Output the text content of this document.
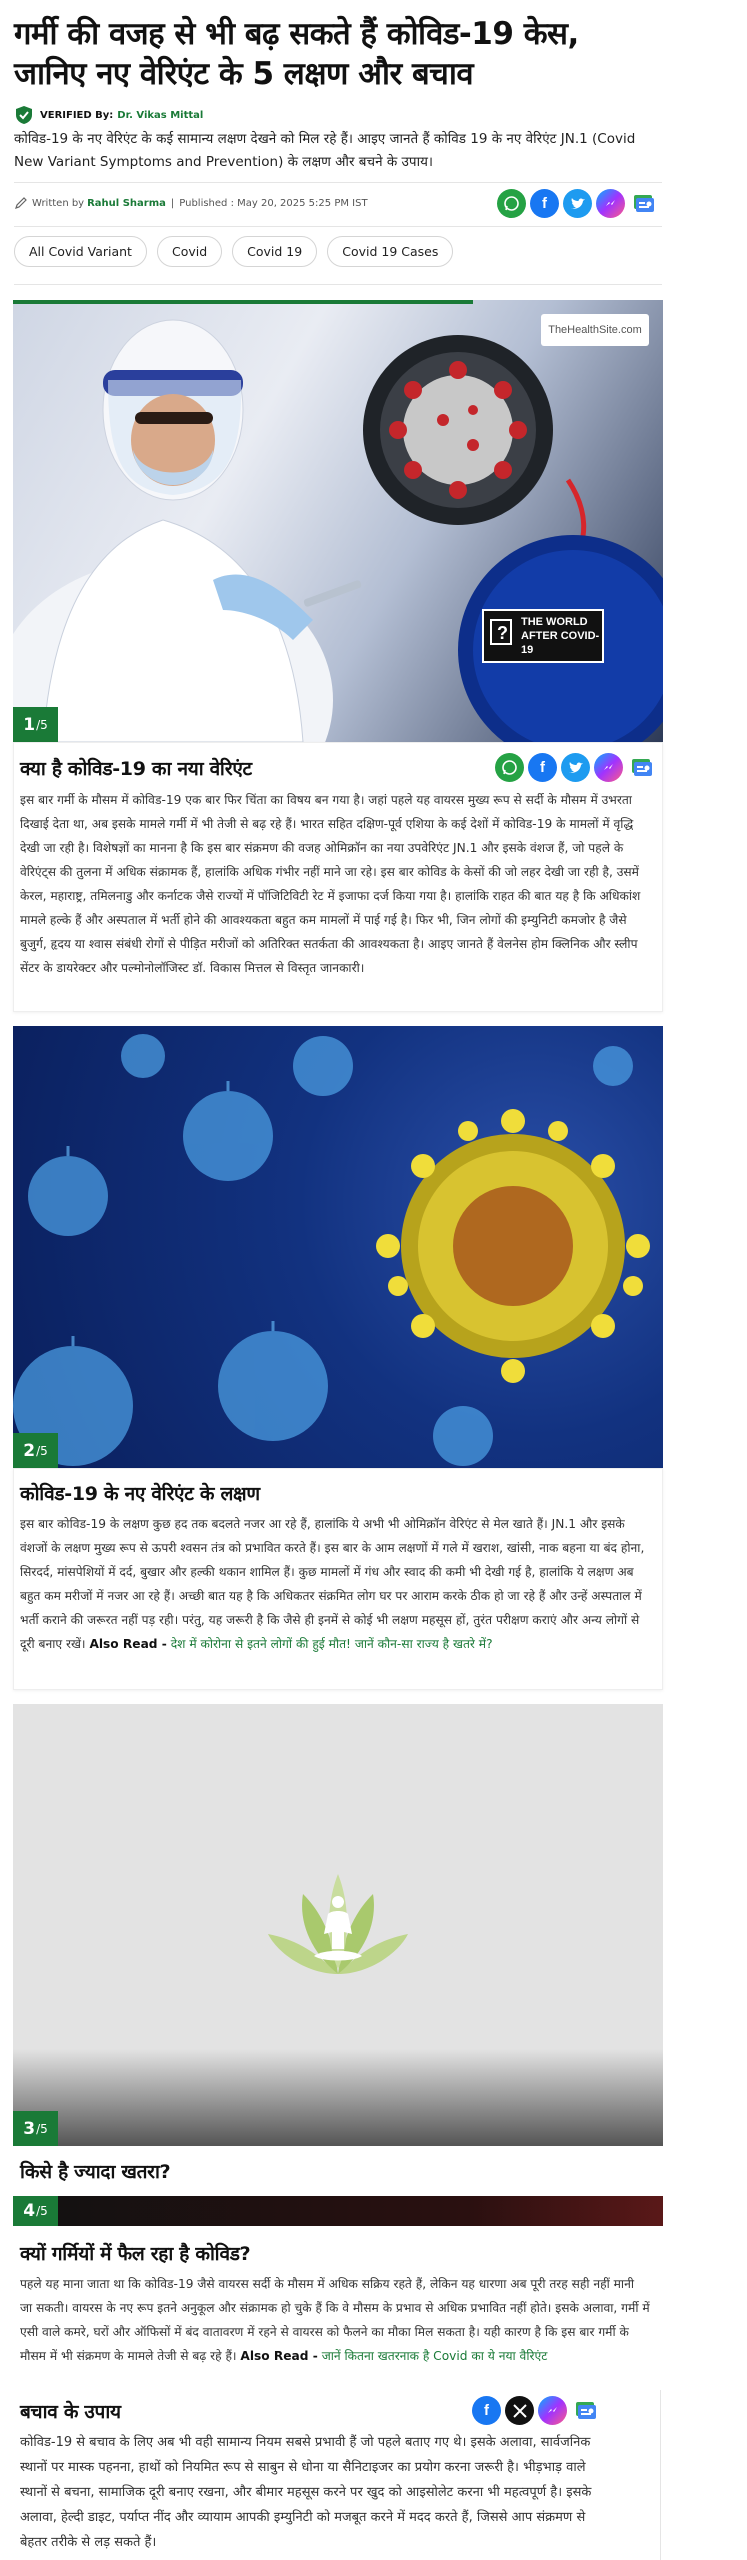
गर्मी की वजह से भी बढ़ सकते हैं कोविड-19 केस, जानिए नए वेरिएंट के 5 लक्षण और बचाव
VERIFIED By: Dr. Vikas Mittal

कोविड-19 के नए वेरिएंट के कई सामान्य लक्षण देखने को मिल रहे हैं। आइए जानते हैं कोविड 19 के नए वेरिएंट JN.1 (Covid New Variant Symptoms and Prevention) के लक्षण और बचने के उपाय।

Written by Rahul Sharma | Published : May 20, 2025 5:25 PM IST	f
All Covid Variant	Covid	Covid 19	Covid 19 Cases
?
THE WORLD AFTER COVID-19
TheHealthSite.com
1 /5
क्या है कोविड-19 का नया वेरिएंट	f

इस बार गर्मी के मौसम में कोविड-19 एक बार फिर चिंता का विषय बन गया है। जहां पहले यह वायरस मुख्य रूप से सर्दी के मौसम में उभरता दिखाई देता था, अब इसके मामले गर्मी में भी तेजी से बढ़ रहे हैं। भारत सहित दक्षिण-पूर्व एशिया के कई देशों में कोविड-19 के मामलों में वृद्धि देखी जा रही है। विशेषज्ञों का मानना है कि इस बार संक्रमण की वजह ओमिक्रॉन का नया उपवेरिएंट JN.1 और इसके वंशज हैं, जो पहले के वेरिएंट्स की तुलना में अधिक संक्रामक हैं, हालांकि अधिक गंभीर नहीं माने जा रहे। इस बार कोविड के केसों की जो लहर देखी जा रही है, उसमें केरल, महाराष्ट्र, तमिलनाडु और कर्नाटक जैसे राज्यों में पॉजिटिविटी रेट में इजाफा दर्ज किया गया है। हालांकि राहत की बात यह है कि अधिकांश मामले हल्के हैं और अस्पताल में भर्ती होने की आवश्यकता बहुत कम मामलों में पाई गई है। फिर भी, जिन लोगों की इम्युनिटी कमजोर है जैसे बुजुर्ग, हृदय या श्वास संबंधी रोगों से पीड़ित मरीजों को अतिरिक्त सतर्कता की आवश्यकता है। आइए जानते हैं वेलनेस होम क्लिनिक और स्लीप सेंटर के डायरेक्टर और पल्मोनोलॉजिस्ट डॉ. विकास मित्तल से विस्तृत जानकारी।

2 /5
कोविड-19 के नए वेरिएंट के लक्षण

इस बार कोविड-19 के लक्षण कुछ हद तक बदलते नजर आ रहे हैं, हालांकि ये अभी भी ओमिक्रॉन वेरिएंट से मेल खाते हैं। JN.1 और इसके वंशजों के लक्षण मुख्य रूप से ऊपरी श्वसन तंत्र को प्रभावित करते हैं। इस बार के आम लक्षणों में गले में खराश, खांसी, नाक बहना या बंद होना, सिरदर्द, मांसपेशियों में दर्द, बुखार और हल्की थकान शामिल हैं। कुछ मामलों में गंध और स्वाद की कमी भी देखी गई है, हालांकि ये लक्षण अब बहुत कम मरीजों में नजर आ रहे हैं। अच्छी बात यह है कि अधिकतर संक्रमित लोग घर पर आराम करके ठीक हो जा रहे हैं और उन्हें अस्पताल में भर्ती कराने की जरूरत नहीं पड़ रही। परंतु, यह जरूरी है कि जैसे ही इनमें से कोई भी लक्षण महसूस हों, तुरंत परीक्षण कराएं और अन्य लोगों से दूरी बनाए रखें। Also Read - देश में कोरोना से इतने लोगों की हुई मौत! जानें कौन-सा राज्य है खतरे में?

3 /5
किसे है ज्यादा खतरा?
4 /5
क्यों गर्मियों में फैल रहा है कोविड?

पहले यह माना जाता था कि कोविड-19 जैसे वायरस सर्दी के मौसम में अधिक सक्रिय रहते हैं, लेकिन यह धारणा अब पूरी तरह सही नहीं मानी जा सकती। वायरस के नए रूप इतने अनुकूल और संक्रामक हो चुके हैं कि वे मौसम के प्रभाव से अधिक प्रभावित नहीं होते। इसके अलावा, गर्मी में एसी वाले कमरे, घरों और ऑफिसों में बंद वातावरण में रहने से वायरस को फैलने का मौका मिल सकता है। यही कारण है कि इस बार गर्मी के मौसम में भी संक्रमण के मामले तेजी से बढ़ रहे हैं। Also Read - जानें कितना खतरनाक है Covid का ये नया वैरिएंट

बचाव के उपाय	f

कोविड-19 से बचाव के लिए अब भी वही सामान्य नियम सबसे प्रभावी हैं जो पहले बताए गए थे। इसके अलावा, सार्वजनिक स्थानों पर मास्क पहनना, हाथों को नियमित रूप से साबुन से धोना या सैनिटाइजर का प्रयोग करना जरूरी है। भीड़भाड़ वाले स्थानों से बचना, सामाजिक दूरी बनाए रखना, और बीमार महसूस करने पर खुद को आइसोलेट करना भी महत्वपूर्ण है। इसके अलावा, हेल्दी डाइट, पर्याप्त नींद और व्यायाम आपकी इम्युनिटी को मजबूत करने में मदद करते हैं, जिससे आप संक्रमण से बेहतर तरीके से लड़ सकते हैं।
